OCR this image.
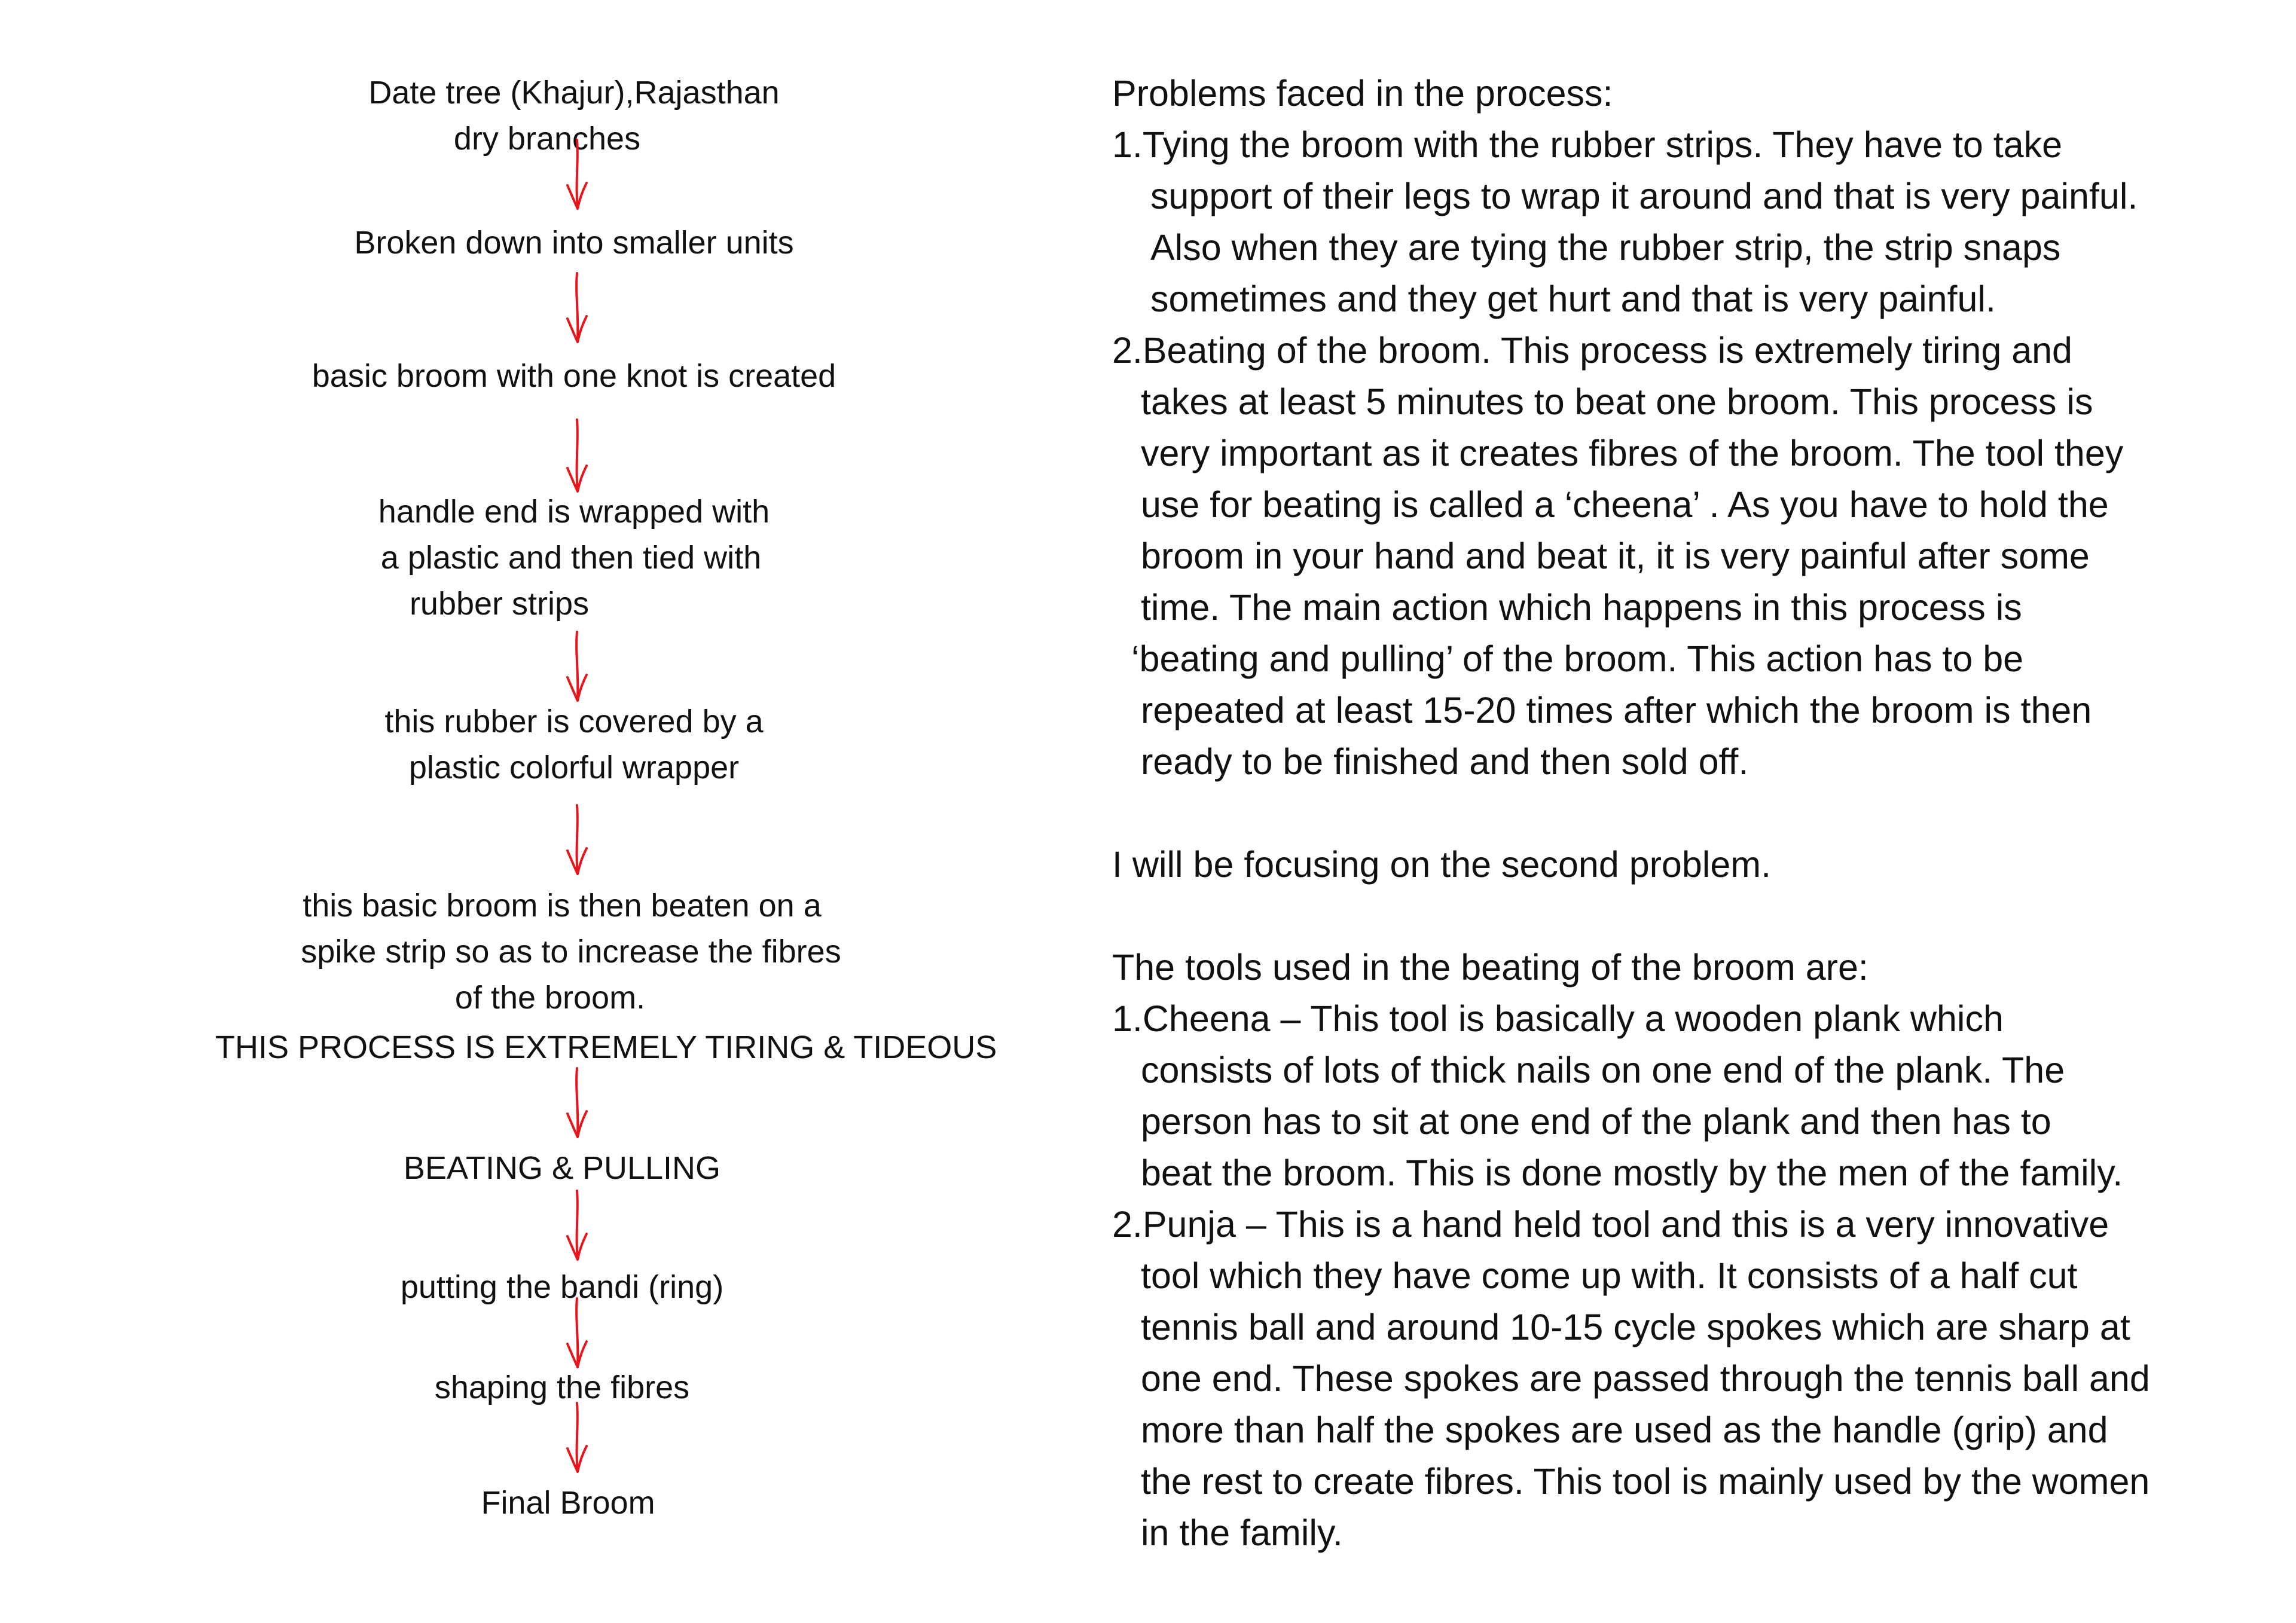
Date tree (Khajur),Rajasthan
dry branches
Broken down into smaller units
basic broom with one knot is created
handle end is wrapped with
a plastic and then tied with
rubber strips
this rubber is covered by a
plastic colorful wrapper
this basic broom is then beaten on a
spike strip so as to increase the fibres
of the broom.
THIS PROCESS IS EXTREMELY TIRING & TIDEOUS
BEATING & PULLING
putting the bandi (ring)
shaping the fibres
Final Broom
Problems faced in the process:
1.Tying the broom with the rubber strips. They have to take
support of their legs to wrap it around and that is very painful.
Also when they are tying the rubber strip, the strip snaps
sometimes and they get hurt and that is very painful.
2.Beating of the broom. This process is extremely tiring and
takes at least 5 minutes to beat one broom. This process is
very important as it creates fibres of the broom. The tool they
use for beating is called a ‘cheena’ . As you have to hold the
broom in your hand and beat it, it is very painful after some
time. The main action which happens in this process is
‘beating and pulling’ of the broom. This action has to be
repeated at least 15-20 times after which the broom is then
ready to be finished and then sold off.
I will be focusing on the second problem.
The tools used in the beating of the broom are:
1.Cheena – This tool is basically a wooden plank which
consists of lots of thick nails on one end of the plank. The
person has to sit at one end of the plank and then has to
beat the broom. This is done mostly by the men of the family.
2.Punja – This is a hand held tool and this is a very innovative
tool which they have come up with. It consists of a half cut
tennis ball and around 10-15 cycle spokes which are sharp at
one end. These spokes are passed through the tennis ball and
more than half the spokes are used as the handle (grip) and
the rest to create fibres. This tool is mainly used by the women
in the family.
